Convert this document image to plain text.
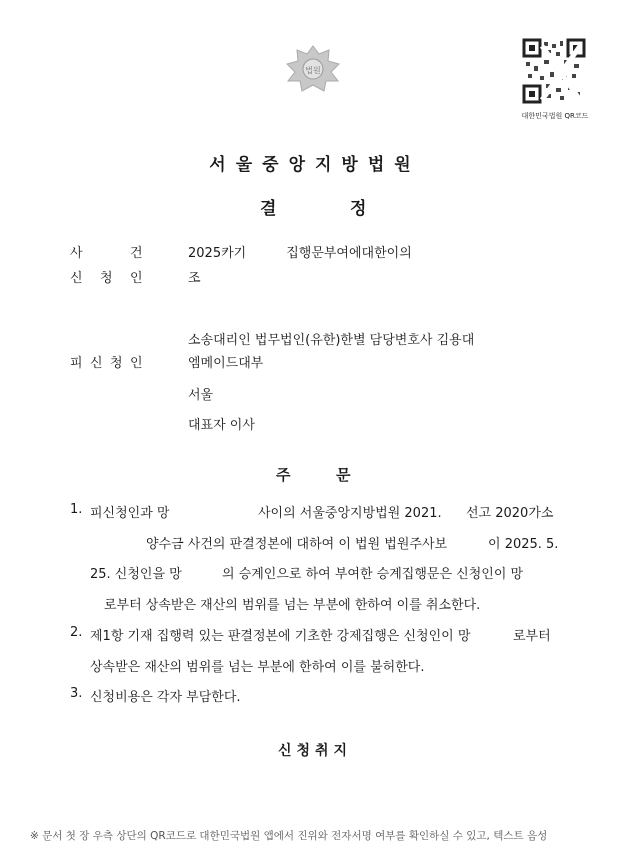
법원
대한민국법원 QR코드
서울중앙지방법원
결	정
사	건	2025카기	집행문부여에대한이의
신 청 인	조
소송대리인 법무법인(유한)한별 담당변호사 김용대
피 신 청 인	엠메이드대부
서울
대표자 이사
주	문
1. 피신청인과 망	사이의 서울중앙지방법원 2021. 선고 2020가소
양수금 사건의 판결정본에 대하여 이 법원 법원주사보	이 2025. 5.
25. 신청인을 망	의 승계인으로 하여 부여한 승계집행문은 신청인이 망
로부터 상속받은 재산의 범위를 넘는 부분에 한하여 이를 취소한다.
2. 제1항 기재 집행력 있는 판결정본에 기초한 강제집행은 신청인이 망	로부터
상속받은 재산의 범위를 넘는 부분에 한하여 이를 불허한다.
3. 신청비용은 각자 부담한다.
신청취지
※ 문서 첫 장 우측 상단의 QR코드로 대한민국법원 앱에서 진위와 전자서명 여부를 확인하실 수 있고, 텍스트 음성
